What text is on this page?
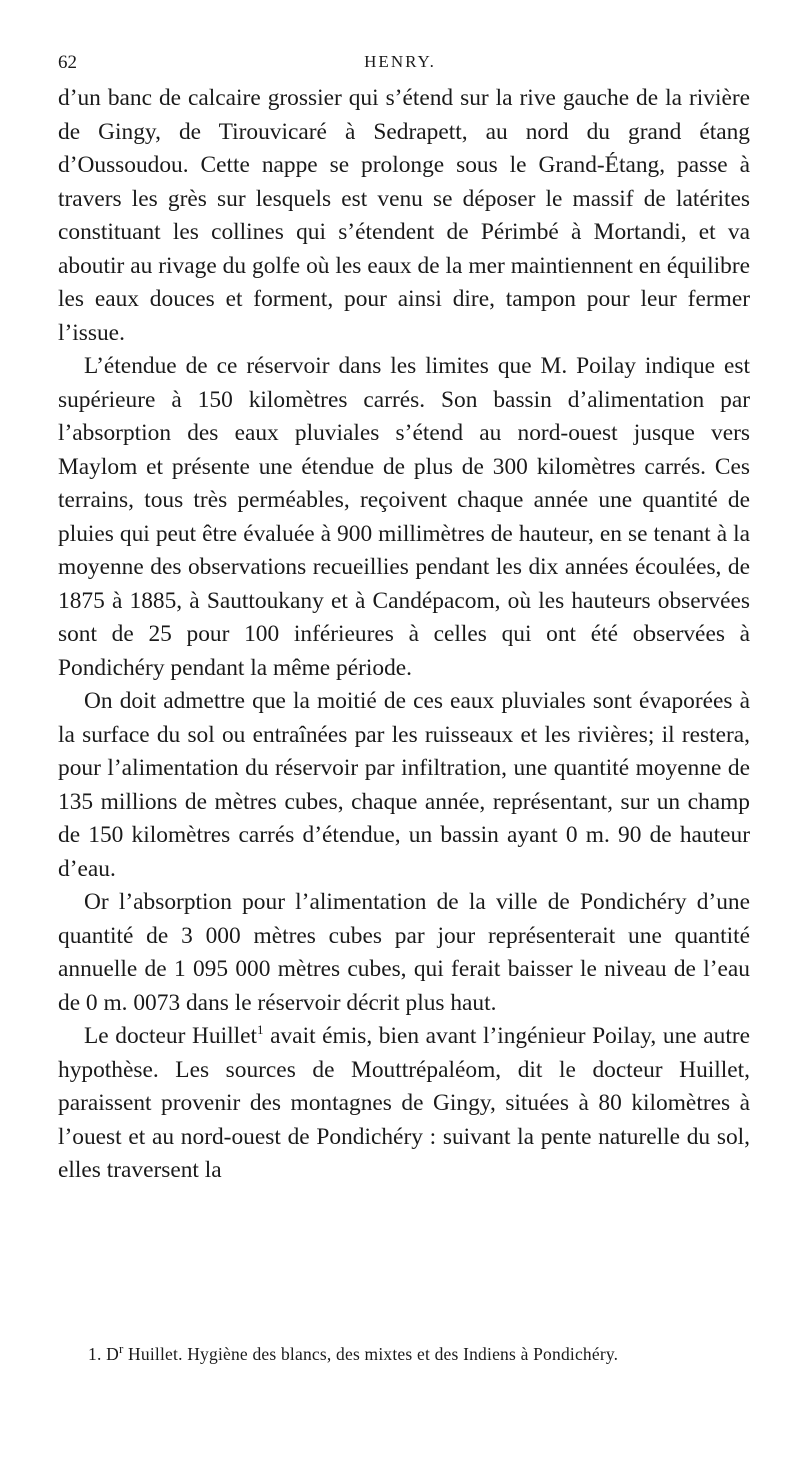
62	HENRY.

d’un banc de calcaire grossier qui s’étend sur la rive gauche de la rivière de Gingy, de Tirouvicaré à Sedrapett, au nord du grand étang d’Oussoudou. Cette nappe se prolonge sous le Grand-Étang, passe à travers les grès sur lesquels est venu se déposer le massif de latérites constituant les collines qui s’étendent de Périmbé à Mortandi, et va aboutir au rivage du golfe où les eaux de la mer maintiennent en équilibre les eaux douces et forment, pour ainsi dire, tampon pour leur fermer l’issue.

L’étendue de ce réservoir dans les limites que M. Poilay indique est supérieure à 150 kilomètres carrés. Son bassin d’alimentation par l’absorption des eaux pluviales s’étend au nord-ouest jusque vers Maylom et présente une étendue de plus de 300 kilomètres carrés. Ces terrains, tous très perméables, reçoivent chaque année une quantité de pluies qui peut être évaluée à 900 millimètres de hauteur, en se tenant à la moyenne des observations recueillies pendant les dix années écoulées, de 1875 à 1885, à Sauttoukany et à Candépacom, où les hauteurs observées sont de 25 pour 100 inférieures à celles qui ont été observées à Pondichéry pendant la même période.

On doit admettre que la moitié de ces eaux pluviales sont évaporées à la surface du sol ou entraînées par les ruisseaux et les rivières; il restera, pour l’alimentation du réservoir par infiltration, une quantité moyenne de 135 millions de mètres cubes, chaque année, représentant, sur un champ de 150 kilomètres carrés d’étendue, un bassin ayant 0 m. 90 de hauteur d’eau.

Or l’absorption pour l’alimentation de la ville de Pondichéry d’une quantité de 3 000 mètres cubes par jour représenterait une quantité annuelle de 1 095 000 mètres cubes, qui ferait baisser le niveau de l’eau de 0 m. 0073 dans le réservoir décrit plus haut.

Le docteur Huillet$^1$ avait émis, bien avant l’ingénieur Poilay, une autre hypothèse. Les sources de Mouttrépaléom, dit le docteur Huillet, paraissent provenir des montagnes de Gingy, situées à 80 kilomètres à l’ouest et au nord-ouest de Pondichéry : suivant la pente naturelle du sol, elles traversent la

1. $D^r$ Huillet. Hygiène des blancs, des mixtes et des Indiens à Pondichéry.
